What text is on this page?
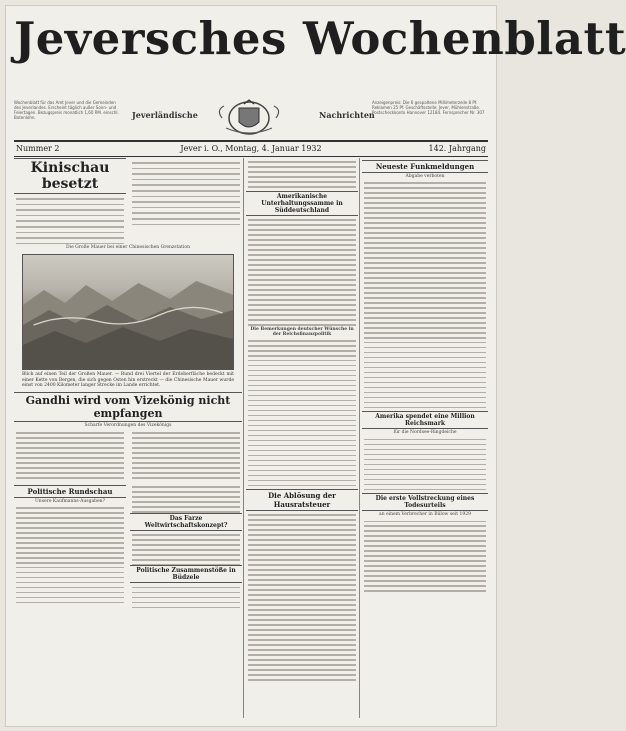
Jeversches Wochenblatt
Wochenblatt für das Amt Jever und die Gemeinden des Jeverlandes. Erscheint täglich außer Sonn- und Feiertagen. Bezugspreis monatlich 1,60 RM. einschl. Botenlohn.	Jeverländische	Nachrichten
Anzeigenpreis: Die 6 gespaltene Millimeterzeile 8 Pf. Reklamen 25 Pf. Geschäftsstelle: Jever, Mühlenstraße. Postscheckkonto Hannover 12184. Fernsprecher Nr. 307
Nummer 2	Jever i. O., Montag, 4. Januar 1932	142. Jahrgang
Kinischau besetzt
Die Große Mauer bei einer Chinesischen Grenzstation
Blick auf einen Teil der Großen Mauer. — Rund drei Viertel der Erdoberfläche bedeckt mit einer Kette von Bergen, die sich gegen Osten hin erstreckt — die Chinesische Mauer wurde einst von 2400 Kilometer langer Strecke im Lande errichtet.
Gandhi wird vom Vizekönig nicht empfangen
Scharfe Verordnungen des Vizekönigs
Politische Rundschau
Unsere Kaufmanns-Ausgaben?
Das Farze Weltwirtschaftskonzept?
Politische Zusammenstöße in Büdzele
Amerikanische Unterhaltungssamme in Süddeutschland
Die Bemerkungen deutscher Wünsche in der Reichsfinanzpolitik
Die Ablösung der Hausratsteuer
Neueste Funkmeldungen
Abgabe verboten
Amerika spendet eine Million Reichsmark
für die Nordsee-Ringdeiche
Die erste Vollstreckung eines Todesurteils
an einem Verbrecher in Bülow seit 1929
